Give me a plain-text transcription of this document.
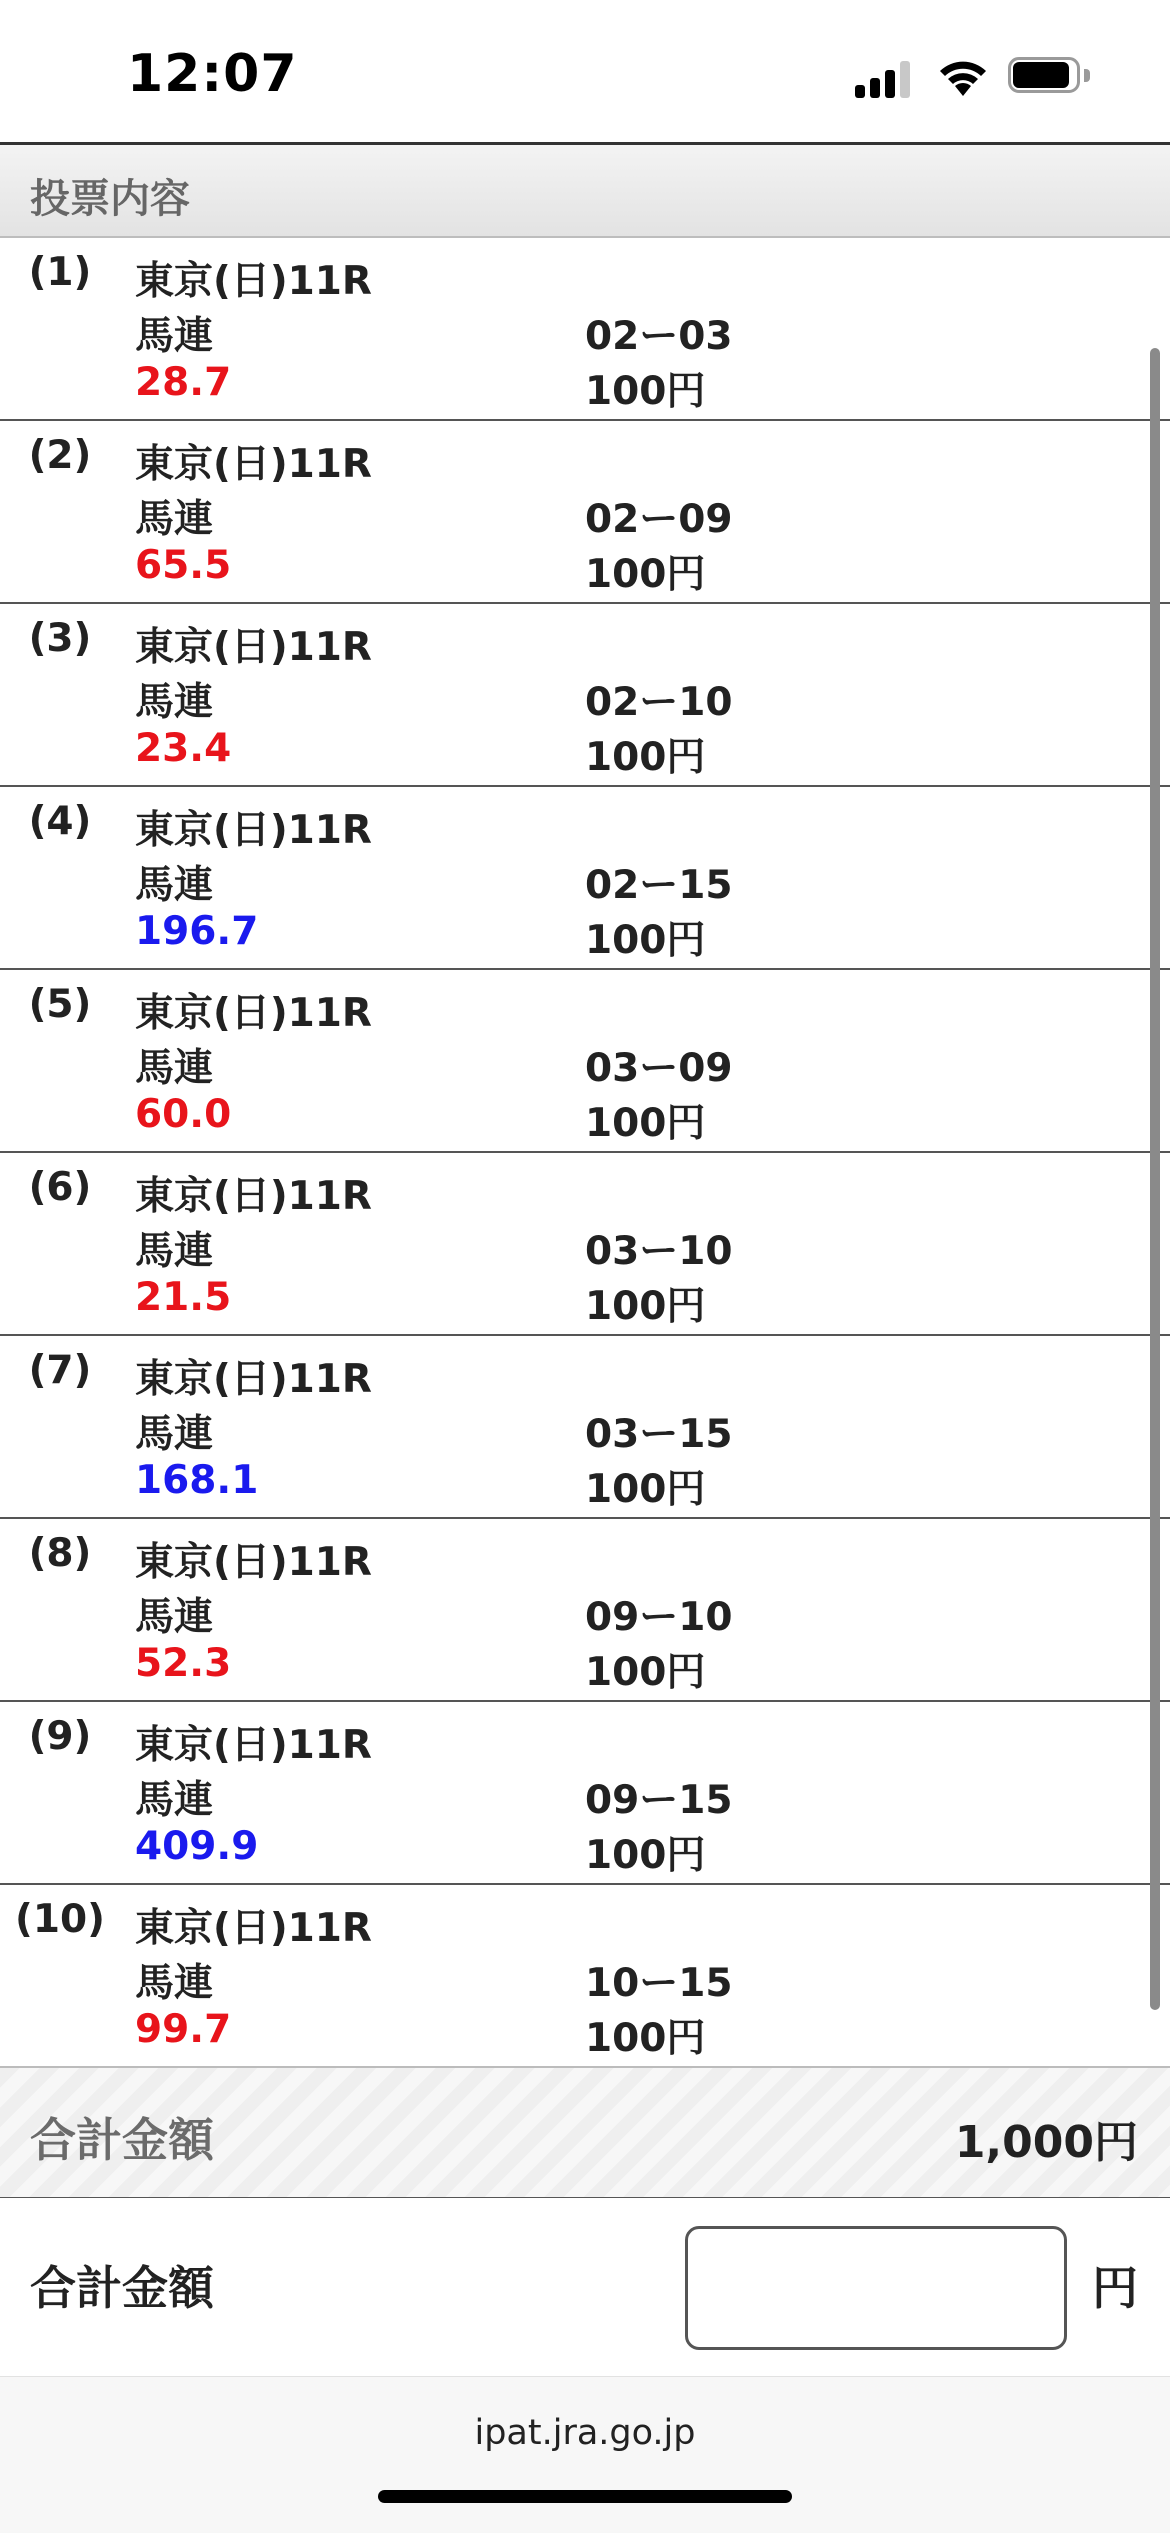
12:07
投票内容
(1)	東京(日)11R
馬連	02ー03
28.7	100円
(2)	東京(日)11R
馬連	02ー09
65.5	100円
(3)	東京(日)11R
馬連	02ー10
23.4	100円
(4)	東京(日)11R
馬連	02ー15
196.7	100円
(5)	東京(日)11R
馬連	03ー09
60.0	100円
(6)	東京(日)11R
馬連	03ー10
21.5	100円
(7)	東京(日)11R
馬連	03ー15
168.1	100円
(8)	東京(日)11R
馬連	09ー10
52.3	100円
(9)	東京(日)11R
馬連	09ー15
409.9	100円
(10) 東京(日)11R
馬連	10ー15
99.7	100円
合計金額	1,000円
合計金額	円
ipat.jra.go.jp
